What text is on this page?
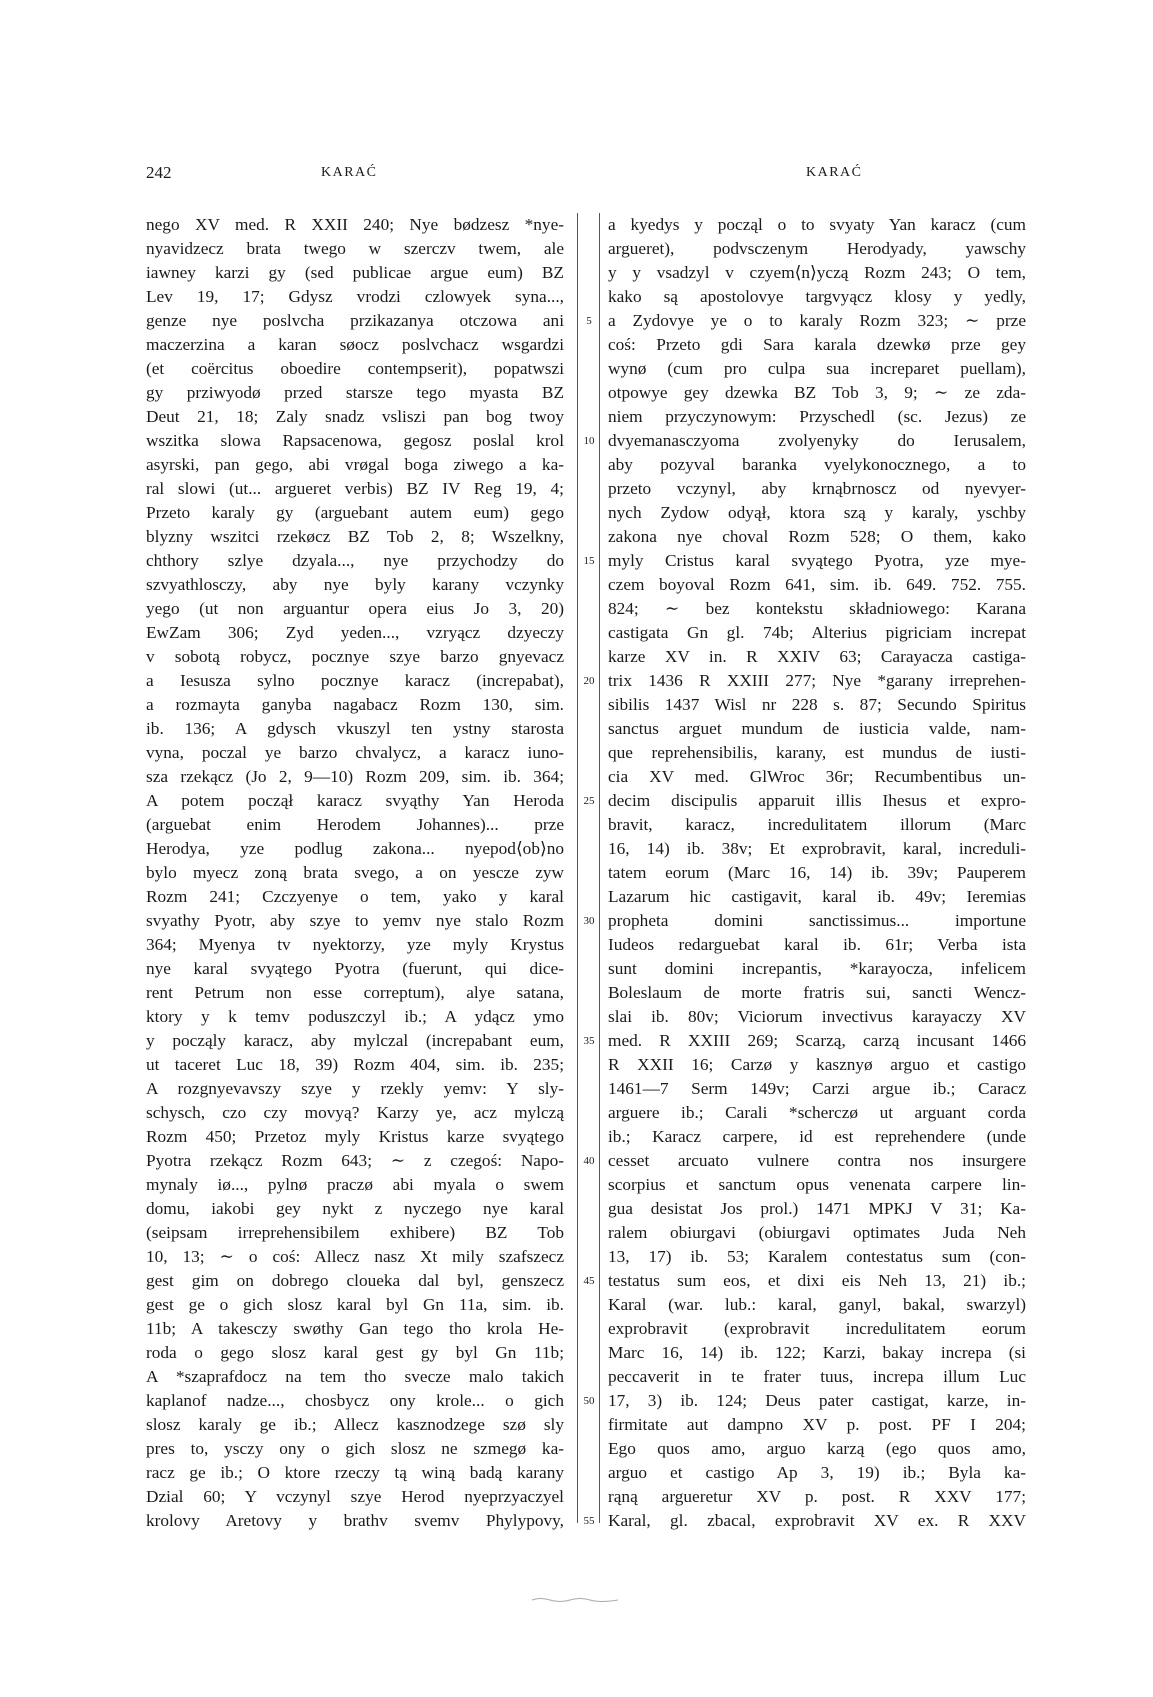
242	KARAĆ	KARAĆ
nego XV med. R XXII 240; Nye bødzesz *nye-
nyavidzecz brata twego w szerczv twem, ale
iawney karzi gy (sed publicae argue eum) BZ
Lev 19, 17; Gdysz vrodzi czlowyek syna...,
genze nye poslvcha przikazanya otczowa ani
maczerzina a karan søocz poslvchacz wsgardzi
(et coërcitus oboedire contempserit), popatwszi
gy prziwyodø przed starsze tego myasta BZ
Deut 21, 18; Zaly snadz vsliszi pan bog twoy
wszitka slowa Rapsacenowa, gegosz poslal krol
asyrski, pan gego, abi vrøgal boga ziwego a ka-
ral slowi (ut... argueret verbis) BZ IV Reg 19, 4;
Przeto karaly gy (arguebant autem eum) gego
blyzny wszitci rzekøcz BZ Tob 2, 8; Wszelkny,
chthory szlye dzyala..., nye przychodzy do
szvyathlosczy, aby nye byly karany vczynky
yego (ut non arguantur opera eius Jo 3, 20)
EwZam 306; Zyd yeden..., vzryącz dzyeczy
v sobotą robycz, pocznye szye barzo gnyevacz
a Iesusza sylno pocznye karacz (increpabat),
a rozmayta ganyba nagabacz Rozm 130, sim.
ib. 136; A gdysch vkuszyl ten ystny starosta
vyna, poczal ye barzo chvalycz, a karacz iuno-
sza rzekącz (Jo 2, 9—10) Rozm 209, sim. ib. 364;
A potem począł karacz svyąthy Yan Heroda
(arguebat enim Herodem Johannes)... prze
Herodya, yze podlug zakona... nyepod⟨ob⟩no
bylo myecz zoną brata svego, a on yescze zyw
Rozm 241; Czczyenye o tem, yako y karal
svyathy Pyotr, aby szye to yemv nye stalo Rozm
364; Myenya tv nyektorzy, yze myly Krystus
nye karal svyątego Pyotra (fuerunt, qui dice-
rent Petrum non esse correptum), alye satana,
ktory y k temv poduszczyl ib.; A ydącz ymo
y począly karacz, aby mylczal (increpabant eum,
ut taceret Luc 18, 39) Rozm 404, sim. ib. 235;
A rozgnyevavszy szye y rzekly yemv: Y sly-
schysch, czo czy movyą? Karzy ye, acz mylczą
Rozm 450; Przetoz myly Kristus karze svyątego
Pyotra rzekącz Rozm 643; ∼ z czegoś: Napo-
mynaly iø..., pylnø praczø abi myala o swem
domu, iakobi gey nykt z nyczego nye karal
(seipsam irreprehensibilem exhibere) BZ Tob
10, 13; ∼ o coś: Allecz nasz Xt mily szafszecz
gest gim on dobrego cloueka dal byl, genszecz
gest ge o gich slosz karal byl Gn 11a, sim. ib.
11b; A takesczy swøthy Gan tego tho krola He-
roda o gego slosz karal gest gy byl Gn 11b;
A *szaprafdocz na tem tho svecze malo takich
kaplanof nadze..., chosbycz ony krole... o gich
slosz karaly ge ib.; Allecz kasznodzege szø sly
pres to, ysczy ony o gich slosz ne szmegø ka-
racz ge ib.; O ktore rzeczy tą winą badą karany
Dzial 60; Y vczynyl szye Herod nyeprzyaczyel
krolovy Aretovy y brathv svemv Phylypovy,
5
10
15
20
25
30
35
40
45
50
55
a kyedys y począl o to svyaty Yan karacz (cum
argueret), podvsczenym Herodyady, yawschy
y y vsadzyl v czyem⟨n⟩yczą Rozm 243; O tem,
kako są apostolovye targvyącz klosy y yedly,
a Zydovye ye o to karaly Rozm 323; ∼ prze
coś: Przeto gdi Sara karala dzewkø prze gey
wynø (cum pro culpa sua increparet puellam),
otpowye gey dzewka BZ Tob 3, 9; ∼ ze zda-
niem przyczynowym: Przyschedl (sc. Jezus) ze
dvyemanasczyoma zvolyenyky do Ierusalem,
aby pozyval baranka vyelykonocznego, a to
przeto vczynyl, aby krnąbrnoscz od nyevyer-
nych Zydow odyął, ktora szą y karaly, yschby
zakona nye choval Rozm 528; O them, kako
myly Cristus karal svyątego Pyotra, yze mye-
czem boyoval Rozm 641, sim. ib. 649. 752. 755.
824; ∼ bez kontekstu składniowego: Karana
castigata Gn gl. 74b; Alterius pigriciam increpat
karze XV in. R XXIV 63; Carayacza castiga-
trix 1436 R XXIII 277; Nye *garany irreprehen-
sibilis 1437 Wisl nr 228 s. 87; Secundo Spiritus
sanctus arguet mundum de iusticia valde, nam-
que reprehensibilis, karany, est mundus de iusti-
cia XV med. GlWroc 36r; Recumbentibus un-
decim discipulis apparuit illis Ihesus et expro-
bravit, karacz, incredulitatem illorum (Marc
16, 14) ib. 38v; Et exprobravit, karal, increduli-
tatem eorum (Marc 16, 14) ib. 39v; Pauperem
Lazarum hic castigavit, karal ib. 49v; Ieremias
propheta domini sanctissimus... importune
Iudeos redarguebat karal ib. 61r; Verba ista
sunt domini increpantis, *karayocza, infelicem
Boleslaum de morte fratris sui, sancti Wencz-
slai ib. 80v; Viciorum invectivus karayaczy XV
med. R XXIII 269; Scarzą, carzą incusant 1466
R XXII 16; Carzø y kasznyø arguo et castigo
1461—7 Serm 149v; Carzi argue ib.; Caracz
arguere ib.; Carali *scherczø ut arguant corda
ib.; Karacz carpere, id est reprehendere (unde
cesset arcuato vulnere contra nos insurgere
scorpius et sanctum opus venenata carpere lin-
gua desistat Jos prol.) 1471 MPKJ V 31; Ka-
ralem obiurgavi (obiurgavi optimates Juda Neh
13, 17) ib. 53; Karalem contestatus sum (con-
testatus sum eos, et dixi eis Neh 13, 21) ib.;
Karal (war. lub.: karal, ganyl, bakal, swarzyl)
exprobravit (exprobravit incredulitatem eorum
Marc 16, 14) ib. 122; Karzi, bakay increpa (si
peccaverit in te frater tuus, increpa illum Luc
17, 3) ib. 124; Deus pater castigat, karze, in-
firmitate aut dampno XV p. post. PF I 204;
Ego quos amo, arguo karzą (ego quos amo,
arguo et castigo Ap 3, 19) ib.; Byla ka-
rąną argueretur XV p. post. R XXV 177;
Karal, gl. zbacal, exprobravit XV ex. R XXV
